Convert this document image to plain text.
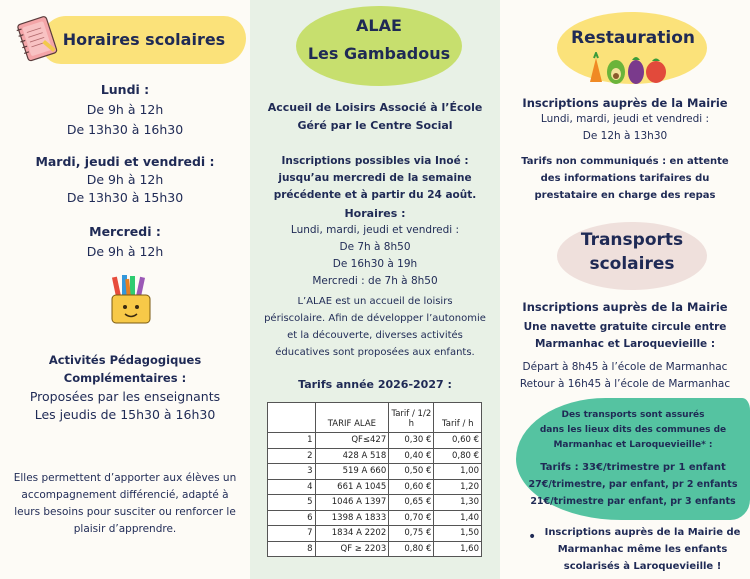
Horaires scolaires
Lundi :
De 9h à 12h
De 13h30 à 16h30
Mardi, jeudi et vendredi :
De 9h à 12h
De 13h30 à 15h30
Mercredi :
De 9h à 12h
Activités Pédagogiques
Complémentaires :
Proposées par les enseignants
Les jeudis de 15h30 à 16h30
Elles permettent d’apporter aux élèves un
accompagnement différencié, adapté à
leurs besoins pour susciter ou renforcer le
plaisir d’apprendre.
ALAE
Les Gambadous
Accueil de Loisirs Associé à l’École
Géré par le Centre Social
Inscriptions possibles via Inoé :
jusqu’au mercredi de la semaine
précédente et à partir du 24 août.
Horaires :
Lundi, mardi, jeudi et vendredi :
De 7h à 8h50
De 16h30 à 19h
Mercredi : de 7h à 8h50
L’ALAE est un accueil de loisirs
périscolaire. Afin de développer l’autonomie
et la découverte, diverses activités
éducatives sont proposées aux enfants.
Tarifs année 2026-2027 :
	TARIF ALAE	Tarif / 1/2 h	Tarif / h
1	QF≤427	0,30 €	0,60 €
2	428 A 518	0,40 €	0,80 €
3	519 A 660	0,50 €	1,00
4	661 A 1045	0,60 €	1,20
5	1046 A 1397	0,65 €	1,30
6	1398 A 1833	0,70 €	1,40
7	1834 A 2202	0,75 €	1,50
8	QF ≥ 2203	0,80 €	1,60
Restauration
Inscriptions auprès de la Mairie
Lundi, mardi, jeudi et vendredi :
De 12h à 13h30
Tarifs non communiqués : en attente
des informations tarifaires du
prestataire en charge des repas
Transports
scolaires
Inscriptions auprès de la Mairie
Une navette gratuite circule entre
Marmanhac et Laroquevieille :
Départ à 8h45 à l’école de Marmanhac
Retour à 16h45 à l’école de Marmanhac
Des transports sont assurés
dans les lieux dits des communes de
Marmanhac et Laroquevieille* :
Tarifs : 33€/trimestre pr 1 enfant
27€/trimestre, par enfant, pr 2 enfants
21€/trimestre par enfant, pr 3 enfants
• Inscriptions auprès de la Mairie de
Marmanhac même les enfants
scolarisés à Laroquevieille !
